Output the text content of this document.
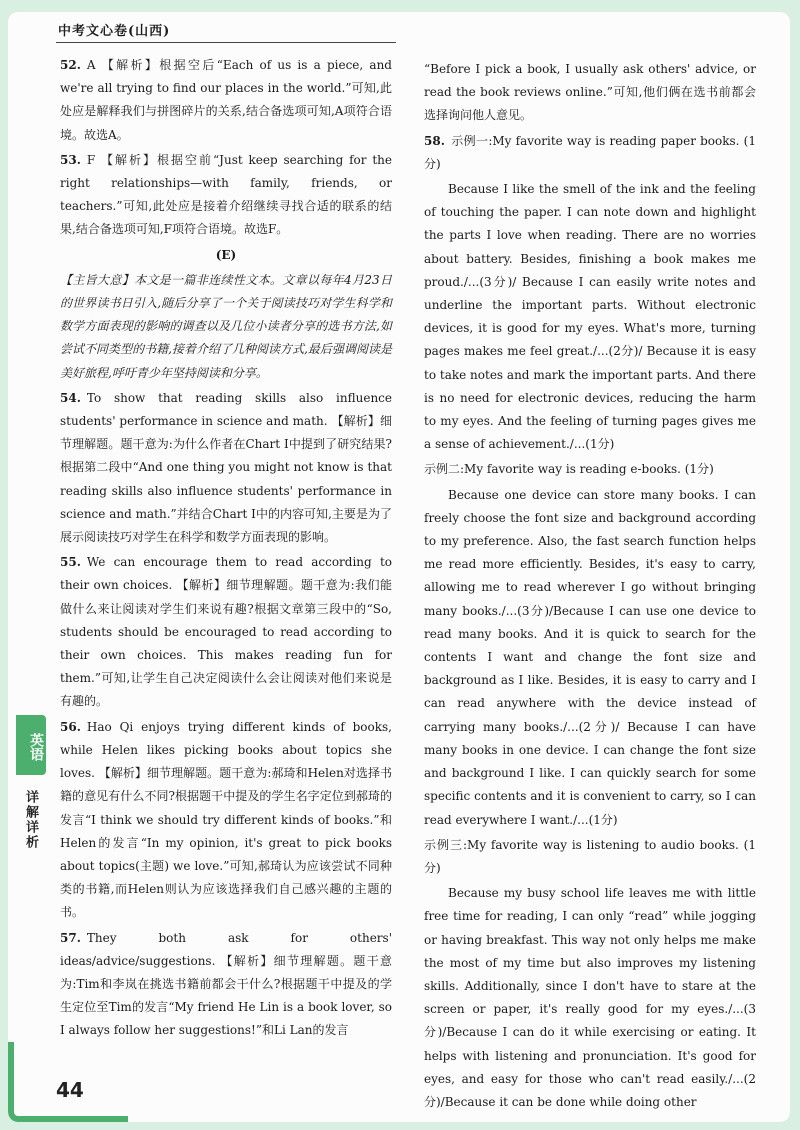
中考文心卷(山西)

52. A 【解析】根据空后“Each of us is a piece, and we're all trying to find our places in the world.”可知,此处应是解释我们与拼图碎片的关系,结合备选项可知,A项符合语境。故选A。

53. F 【解析】根据空前“Just keep searching for the right relationships—with family, friends, or teachers.”可知,此处应是接着介绍继续寻找合适的联系的结果,结合备选项可知,F项符合语境。故选F。

(E)

【主旨大意】本文是一篇非连续性文本。文章以每年4月23日的世界读书日引入,随后分享了一个关于阅读技巧对学生科学和数学方面表现的影响的调查以及几位小读者分享的选书方法,如尝试不同类型的书籍,接着介绍了几种阅读方式,最后强调阅读是美好旅程,呼吁青少年坚持阅读和分享。

54. To show that reading skills also influence students' performance in science and math. 【解析】细节理解题。题干意为:为什么作者在Chart I中提到了研究结果?根据第二段中“And one thing you might not know is that reading skills also influence students' performance in science and math.”并结合Chart I中的内容可知,主要是为了展示阅读技巧对学生在科学和数学方面表现的影响。

55. We can encourage them to read according to their own choices. 【解析】细节理解题。题干意为:我们能做什么来让阅读对学生们来说有趣?根据文章第三段中的“So, students should be encouraged to read according to their own choices. This makes reading fun for them.”可知,让学生自己决定阅读什么会让阅读对他们来说是有趣的。

56. Hao Qi enjoys trying different kinds of books, while Helen likes picking books about topics she loves. 【解析】细节理解题。题干意为:郝琦和Helen对选择书籍的意见有什么不同?根据题干中提及的学生名字定位到郝琦的发言“I think we should try different kinds of books.”和Helen的发言“In my opinion, it's great to pick books about topics(主题) we love.”可知,郝琦认为应该尝试不同种类的书籍,而Helen则认为应该选择我们自己感兴趣的主题的书。

57. They both ask for others' ideas/advice/suggestions. 【解析】细节理解题。题干意为:Tim和李岚在挑选书籍前都会干什么?根据题干中提及的学生定位至Tim的发言“My friend He Lin is a book lover, so I always follow her suggestions!”和Li Lan的发言

“Before I pick a book, I usually ask others' advice, or read the book reviews online.”可知,他们俩在选书前都会选择询问他人意见。

58. 示例一:My favorite way is reading paper books. (1分)

Because I like the smell of the ink and the feeling of touching the paper. I can note down and highlight the parts I love when reading. There are no worries about battery. Besides, finishing a book makes me proud./...(3分)/ Because I can easily write notes and underline the important parts. Without electronic devices, it is good for my eyes. What's more, turning pages makes me feel great./...(2分)/ Because it is easy to take notes and mark the important parts. And there is no need for electronic devices, reducing the harm to my eyes. And the feeling of turning pages gives me a sense of achievement./...(1分)

示例二:My favorite way is reading e-books. (1分)

Because one device can store many books. I can freely choose the font size and background according to my preference. Also, the fast search function helps me read more efficiently. Besides, it's easy to carry, allowing me to read wherever I go without bringing many books./...(3分)/Because I can use one device to read many books. And it is quick to search for the contents I want and change the font size and background as I like. Besides, it is easy to carry and I can read anywhere with the device instead of carrying many books./...(2分)/ Because I can have many books in one device. I can change the font size and background I like. I can quickly search for some specific contents and it is convenient to carry, so I can read everywhere I want./...(1分)

示例三:My favorite way is listening to audio books. (1分)

Because my busy school life leaves me with little free time for reading, I can only “read” while jogging or having breakfast. This way not only helps me make the most of my time but also improves my listening skills. Additionally, since I don't have to stare at the screen or paper, it's really good for my eyes./...(3分)/Because I can do it while exercising or eating. It helps with listening and pronunciation. It's good for eyes, and easy for those who can't read easily./...(2分)/Because it can be done while doing other

英语
详解详析
44
